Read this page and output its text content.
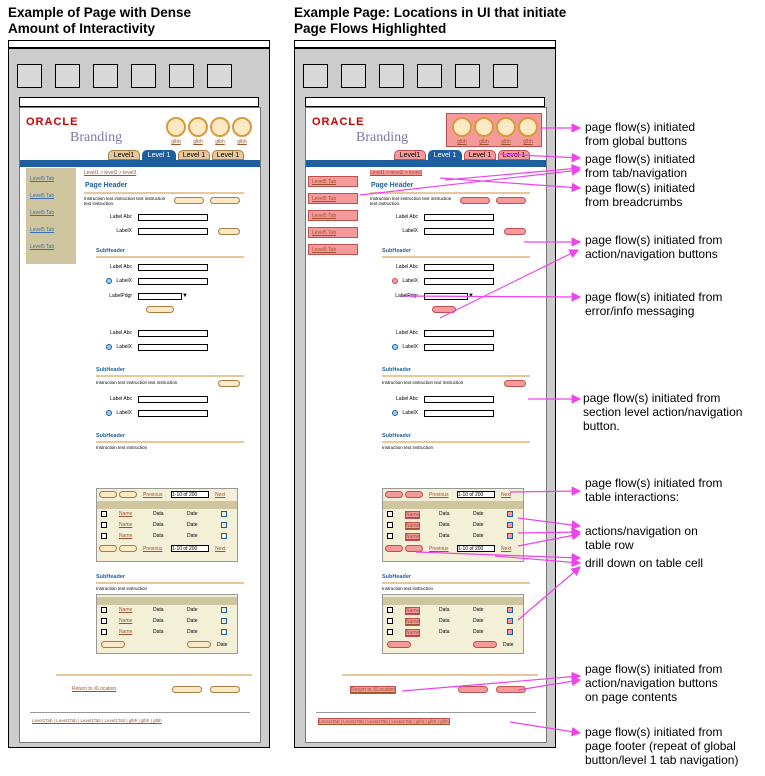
Example of Page with Dense
Amount of Interactivity
Example Page: Locations in UI that initiate
Page Flows Highlighted
ORACLE
Branding	glbh	glbh	glbh	glbh
Level1	Level 1	Level 1	Level 1
Level5 Tab
Level5 Tab
Level5 Tab
Level5 Tab
Level5 Tab
Level1 > level2 > level3
Page Header
Instruction text instruction text instruction text instruction.
Label Abc
LabelX
SubHeader
Label Abc
LabelX
LabelPdgr	▼
Label Abc
LabelX
SubHeader
Instruction text instruction text instruction
Label Abc
LabelX
SubHeader
Instruction text instruction
Previous 1-10 of 200	Next
Name	Data	Date
Name	Data	Date
Name	Data	Date
Previous 1-10 of 200	Next
SubHeader
Instruction text instruction
Name	Data	Date
Name	Data	Date
Name	Data	Date
Date
Return to XLocation
Level1Tab | Level1Tab | Level1Tab | Level1Tab | glbh | glbh | glbh
ORACLE
Branding	glbh	glbh	glbh	glbh
Level1	Level 1	Level 1	Level 1
Level5 Tab
Level5 Tab
Level5 Tab
Level5 Tab
Level5 Tab
Level1 > level2 > level3
Page Header
Instruction text instruction text instruction text instruction.
Label Abc
LabelX
SubHeader
Label Abc
LabelX
LabelPdgr	▼
Label Abc
LabelX
SubHeader
Instruction text instruction text instruction
Label Abc
LabelX
SubHeader
Instruction text instruction
Previous 1-10 of 200	Next
Name	Data	Date
Name	Data	Date
Name	Data	Date
Previous 1-10 of 200	Next
SubHeader
Instruction text instruction
Name	Data	Date
Name	Data	Date
Name	Data	Date
Date
Return to XLocation
Level1Tab | Level1Tab | Level1Tab | Level1Tab | glbh | glbh | glbh
page flow(s) initiated
from global buttons
page flow(s) initiated
from tab/navigation
page flow(s) initiated
from breadcrumbs
page flow(s) initiated from
action/navigation buttons
page flow(s) initiated from
error/info messaging
page flow(s) initiated from
section level action/navigation
button.
page flow(s) initiated from
table interactions:
actions/navigation on
table row
drill down on table cell
page flow(s) initiated from
action/navigation buttons
on page contents
page flow(s) initiated from
page footer (repeat of global
button/level 1 tab navigation)
